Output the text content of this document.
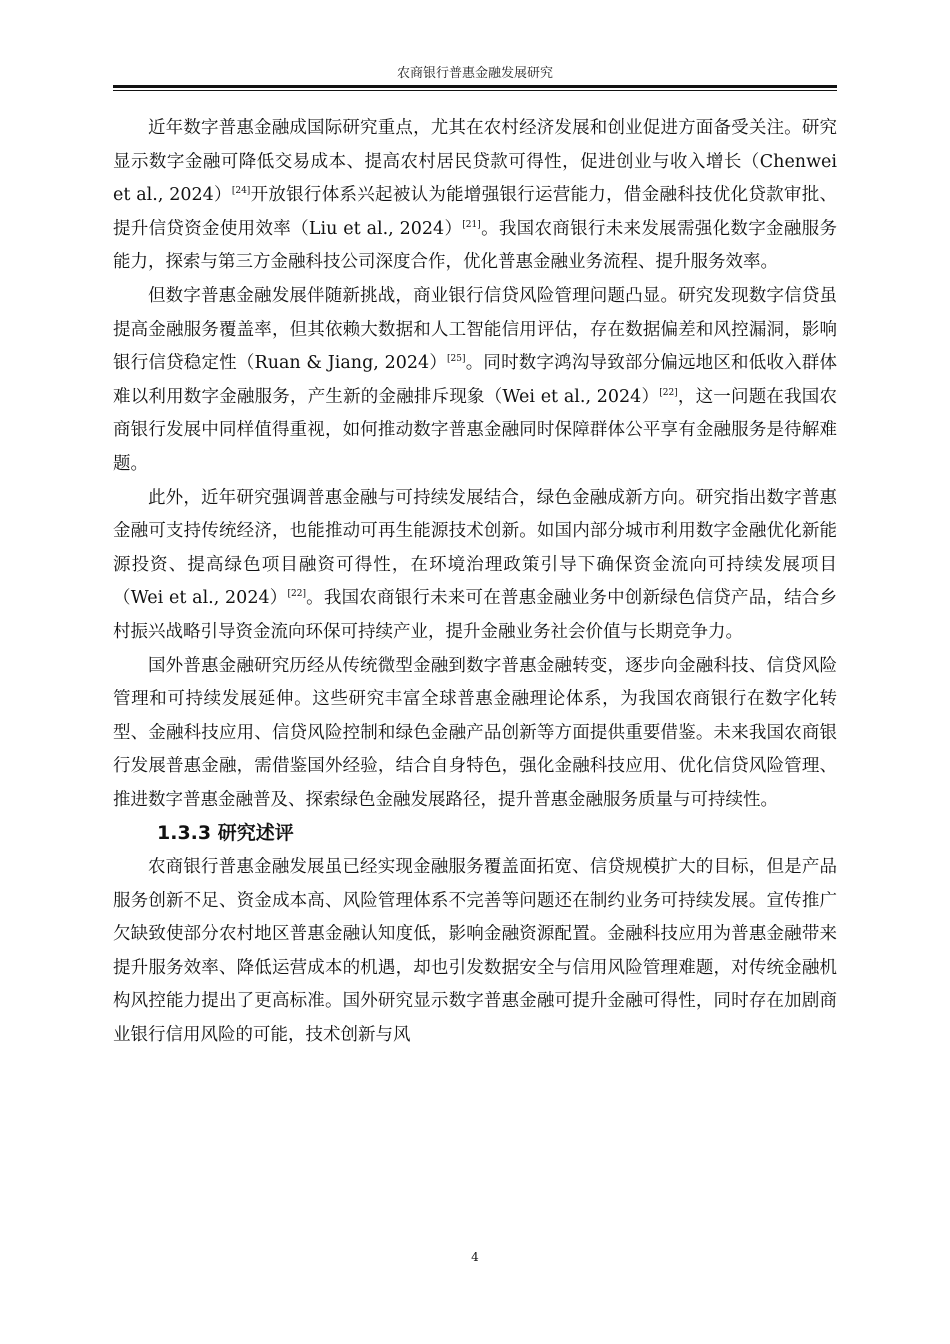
农商银行普惠金融发展研究

近年数字普惠金融成国际研究重点，尤其在农村经济发展和创业促进方面备受关注。研究显示数字金融可降低交易成本、提高农村居民贷款可得性，促进创业与收入增长（Chenwei et al., 2024）[24]开放银行体系兴起被认为能增强银行运营能力，借金融科技优化贷款审批、提升信贷资金使用效率（Liu et al., 2024）[21]。我国农商银行未来发展需强化数字金融服务能力，探索与第三方金融科技公司深度合作，优化普惠金融业务流程、提升服务效率。

但数字普惠金融发展伴随新挑战，商业银行信贷风险管理问题凸显。研究发现数字信贷虽提高金融服务覆盖率，但其依赖大数据和人工智能信用评估，存在数据偏差和风控漏洞，影响银行信贷稳定性（Ruan & Jiang, 2024）[25]。同时数字鸿沟导致部分偏远地区和低收入群体难以利用数字金融服务，产生新的金融排斥现象（Wei et al., 2024）[22]，这一问题在我国农商银行发展中同样值得重视，如何推动数字普惠金融同时保障群体公平享有金融服务是待解难题。

此外，近年研究强调普惠金融与可持续发展结合，绿色金融成新方向。研究指出数字普惠金融可支持传统经济，也能推动可再生能源技术创新。如国内部分城市利用数字金融优化新能源投资、提高绿色项目融资可得性，在环境治理政策引导下确保资金流向可持续发展项目（Wei et al., 2024）[22]。我国农商银行未来可在普惠金融业务中创新绿色信贷产品，结合乡村振兴战略引导资金流向环保可持续产业，提升金融业务社会价值与长期竞争力。

国外普惠金融研究历经从传统微型金融到数字普惠金融转变，逐步向金融科技、信贷风险管理和可持续发展延伸。这些研究丰富全球普惠金融理论体系，为我国农商银行在数字化转型、金融科技应用、信贷风险控制和绿色金融产品创新等方面提供重要借鉴。未来我国农商银行发展普惠金融，需借鉴国外经验，结合自身特色，强化金融科技应用、优化信贷风险管理、推进数字普惠金融普及、探索绿色金融发展路径，提升普惠金融服务质量与可持续性。

1.3.3 研究述评

农商银行普惠金融发展虽已经实现金融服务覆盖面拓宽、信贷规模扩大的目标，但是产品服务创新不足、资金成本高、风险管理体系不完善等问题还在制约业务可持续发展。宣传推广欠缺致使部分农村地区普惠金融认知度低，影响金融资源配置。金融科技应用为普惠金融带来提升服务效率、降低运营成本的机遇，却也引发数据安全与信用风险管理难题，对传统金融机构风控能力提出了更高标准。国外研究显示数字普惠金融可提升金融可得性，同时存在加剧商业银行信用风险的可能，技术创新与风

4
